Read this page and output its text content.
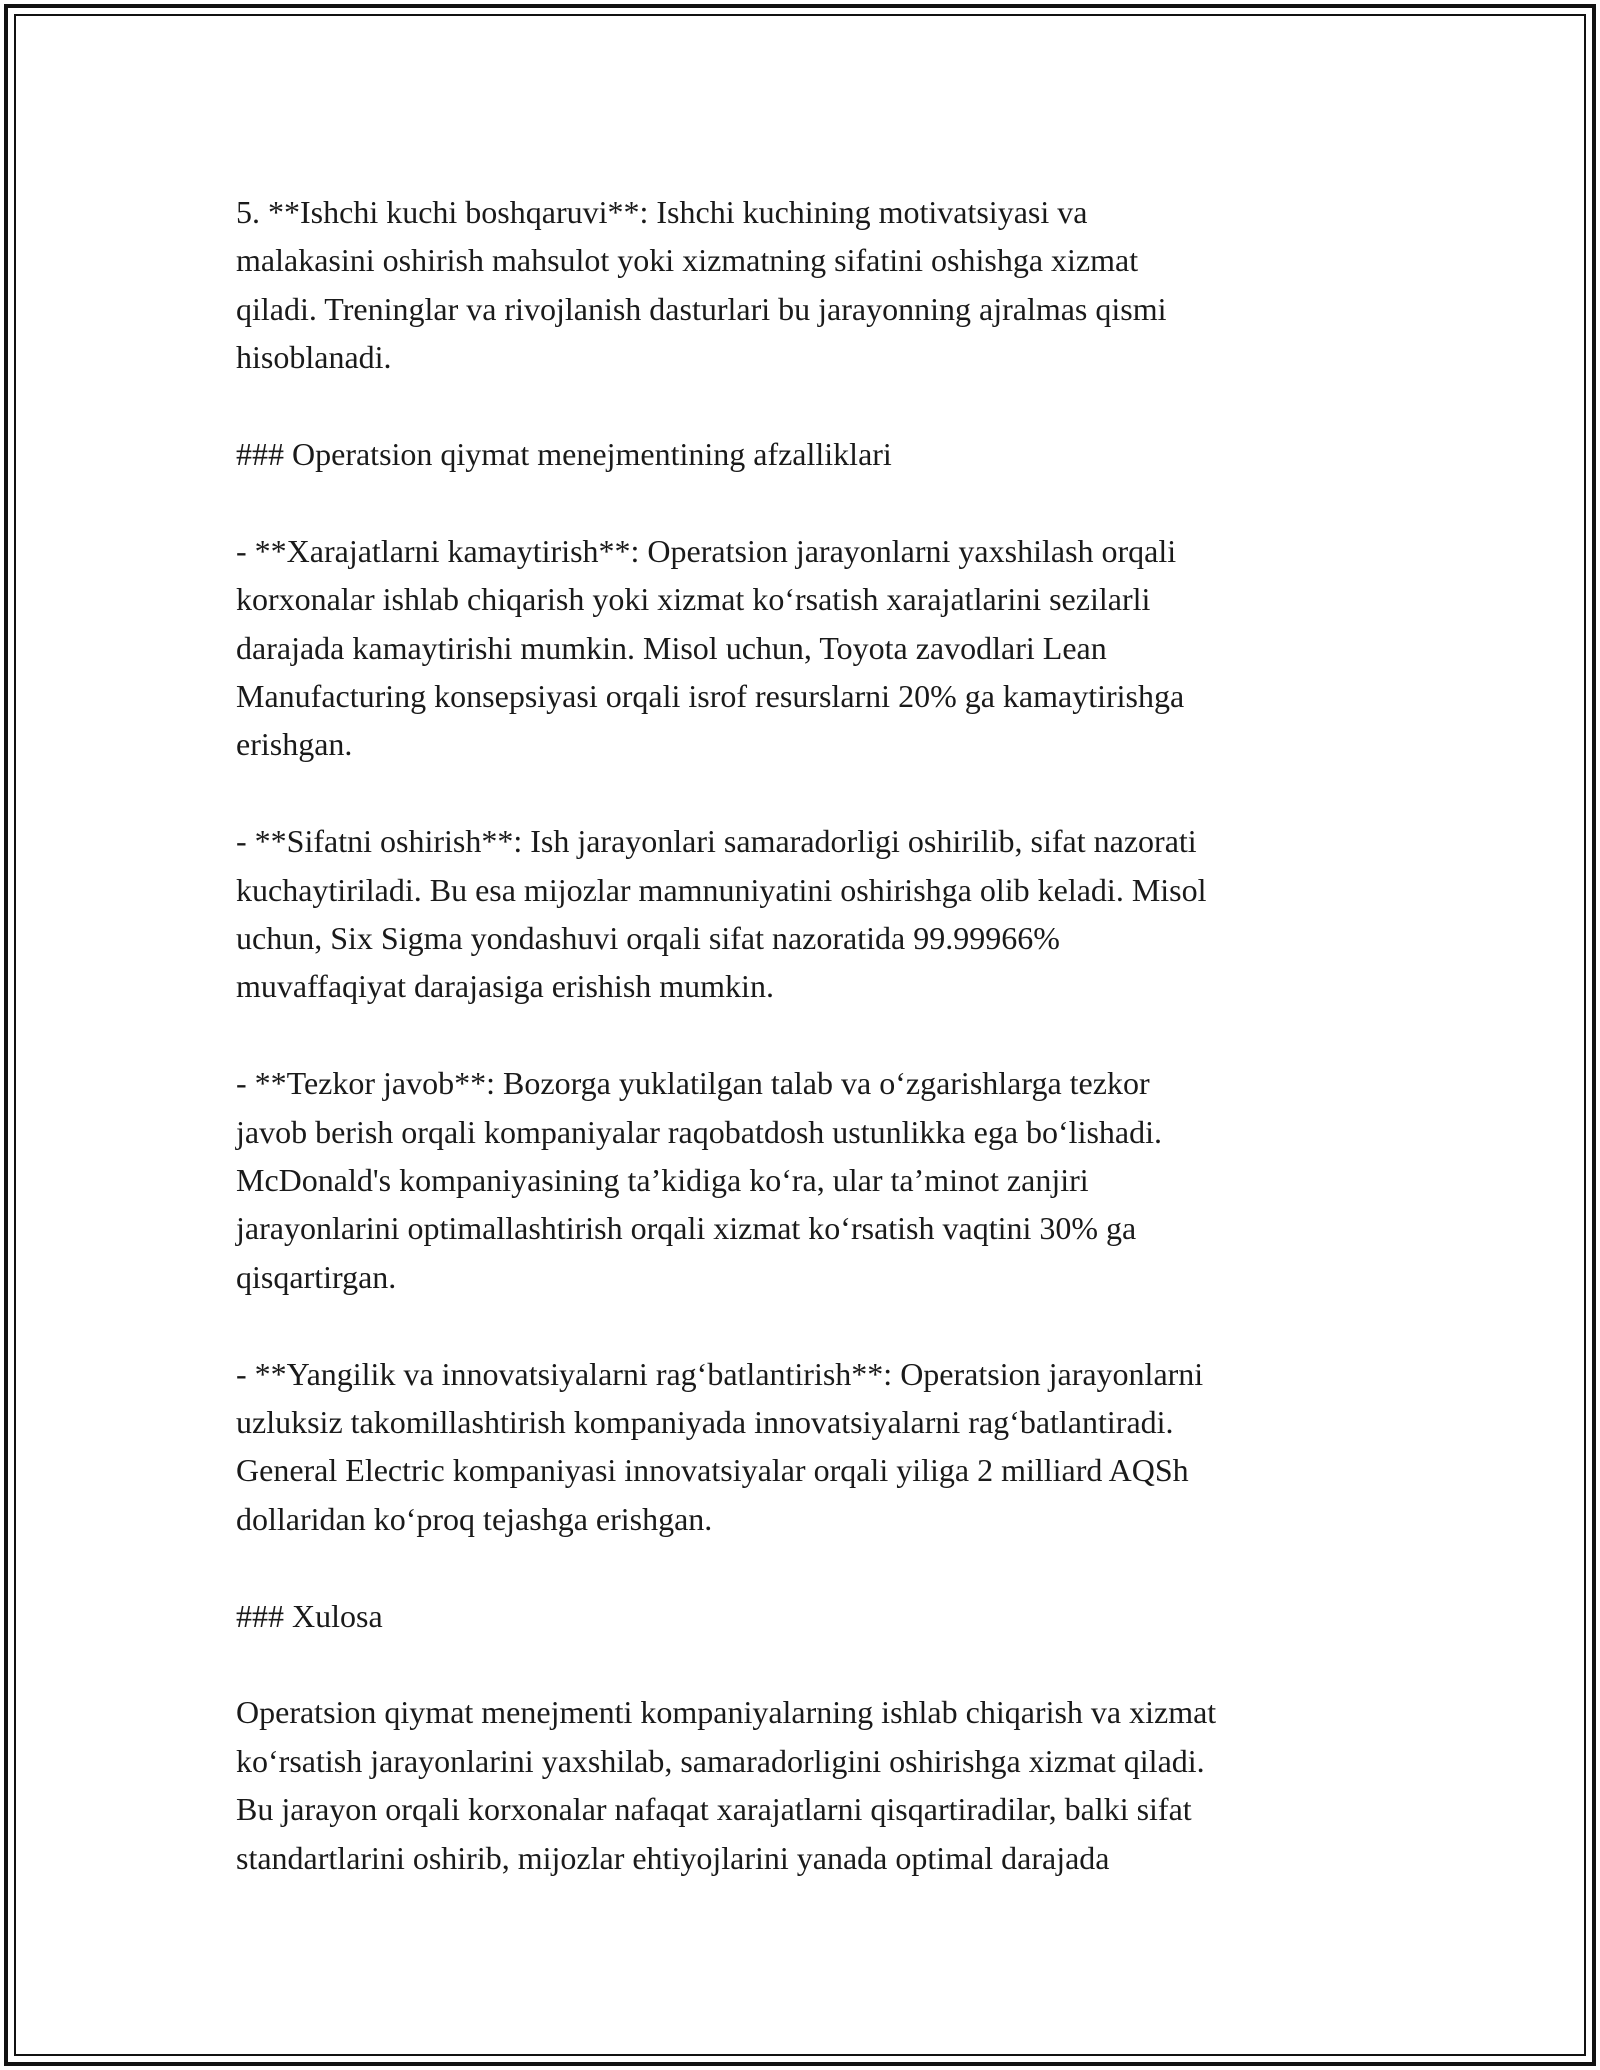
5. **Ishchi kuchi boshqaruvi**: Ishchi kuchining motivatsiyasi va
malakasini oshirish mahsulot yoki xizmatning sifatini oshishga xizmat
qiladi. Treninglar va rivojlanish dasturlari bu jarayonning ajralmas qismi
hisoblanadi.

### Operatsion qiymat menejmentining afzalliklari

- **Xarajatlarni kamaytirish**: Operatsion jarayonlarni yaxshilash orqali
korxonalar ishlab chiqarish yoki xizmat ko‘rsatish xarajatlarini sezilarli
darajada kamaytirishi mumkin. Misol uchun, Toyota zavodlari Lean
Manufacturing konsepsiyasi orqali isrof resurslarni 20% ga kamaytirishga
erishgan.

- **Sifatni oshirish**: Ish jarayonlari samaradorligi oshirilib, sifat nazorati
kuchaytiriladi. Bu esa mijozlar mamnuniyatini oshirishga olib keladi. Misol
uchun, Six Sigma yondashuvi orqali sifat nazoratida 99.99966%
muvaffaqiyat darajasiga erishish mumkin.

- **Tezkor javob**: Bozorga yuklatilgan talab va o‘zgarishlarga tezkor
javob berish orqali kompaniyalar raqobatdosh ustunlikka ega bo‘lishadi.
McDonald's kompaniyasining ta’kidiga ko‘ra, ular ta’minot zanjiri
jarayonlarini optimallashtirish orqali xizmat ko‘rsatish vaqtini 30% ga
qisqartirgan.

- **Yangilik va innovatsiyalarni rag‘batlantirish**: Operatsion jarayonlarni
uzluksiz takomillashtirish kompaniyada innovatsiyalarni rag‘batlantiradi.
General Electric kompaniyasi innovatsiyalar orqali yiliga 2 milliard AQSh
dollaridan ko‘proq tejashga erishgan.

### Xulosa

Operatsion qiymat menejmenti kompaniyalarning ishlab chiqarish va xizmat
ko‘rsatish jarayonlarini yaxshilab, samaradorligini oshirishga xizmat qiladi.
Bu jarayon orqali korxonalar nafaqat xarajatlarni qisqartiradilar, balki sifat
standartlarini oshirib, mijozlar ehtiyojlarini yanada optimal darajada
